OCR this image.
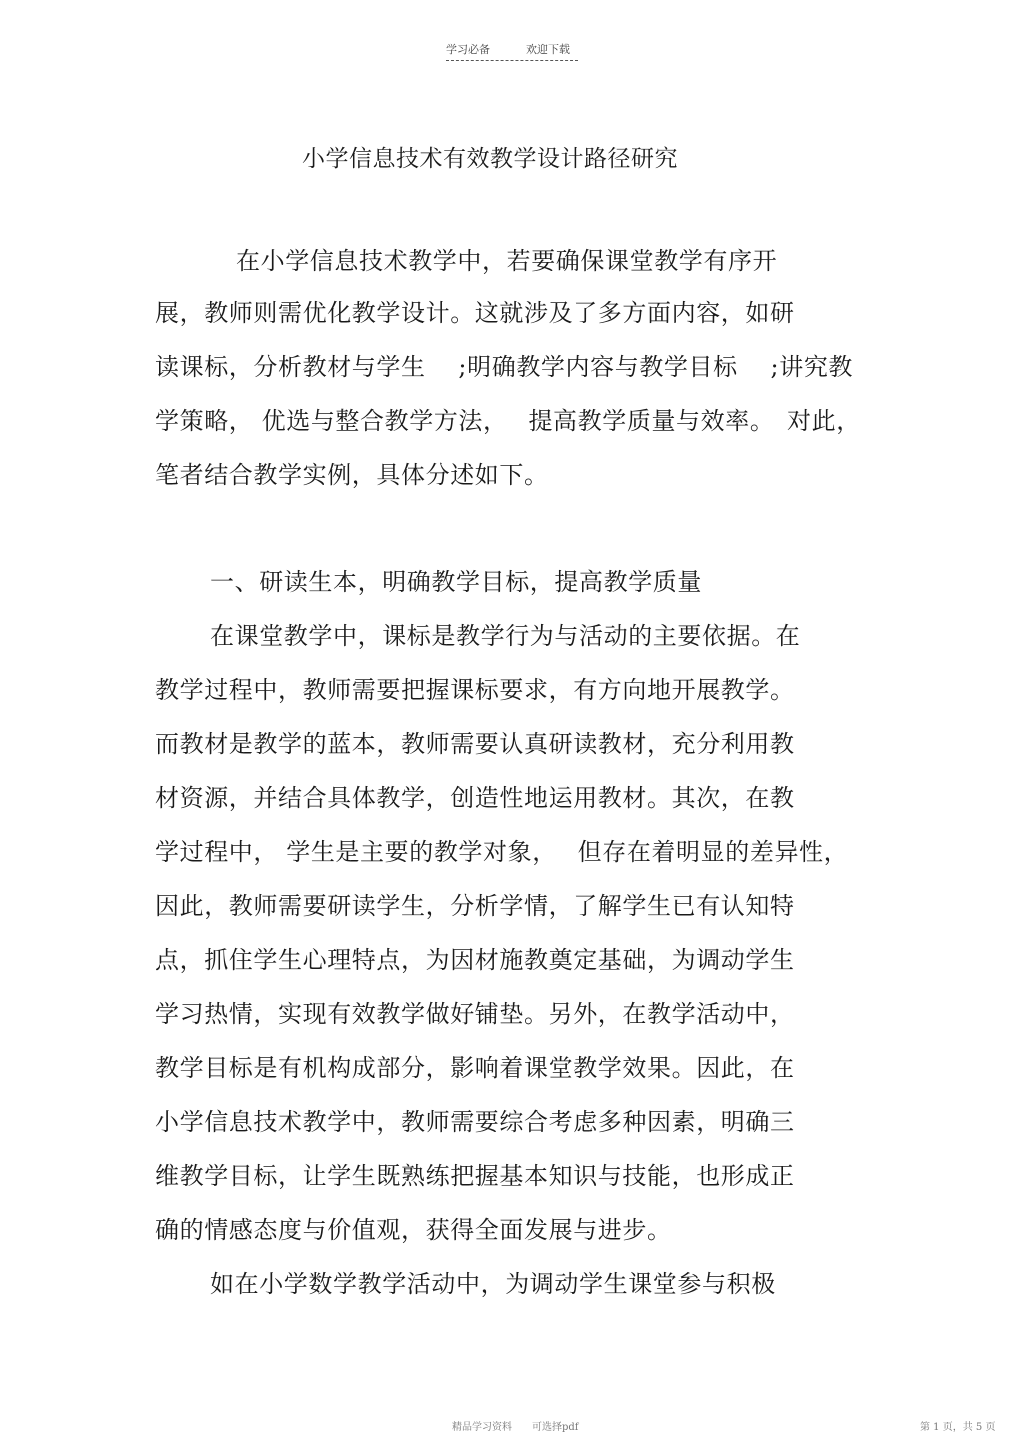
学习必备	欢迎下载
小学信息技术有效教学设计路径研究
在小学信息技术教学中，若要确保课堂教学有序开
展，教师则需优化教学设计。这就涉及了多方面内容，如研
读课标，分析教材与学生　 ;明确教学内容与教学目标　 ;讲究教
学策略， 优选与整合教学方法，　 提高教学质量与效率。　对此，
笔者结合教学实例，具体分述如下。
一、研读生本，明确教学目标，提高教学质量
在课堂教学中，课标是教学行为与活动的主要依据。在
教学过程中，教师需要把握课标要求，有方向地开展教学。
而教材是教学的蓝本，教师需要认真研读教材，充分利用教
材资源，并结合具体教学，创造性地运用教材。其次，在教
学过程中， 学生是主要的教学对象，　 但存在着明显的差异性，
因此，教师需要研读学生，分析学情，了解学生已有认知特
点，抓住学生心理特点，为因材施教奠定基础，为调动学生
学习热情，实现有效教学做好铺垫。另外，在教学活动中，
教学目标是有机构成部分，影响着课堂教学效果。因此，在
小学信息技术教学中，教师需要综合考虑多种因素，明确三
维教学目标，让学生既熟练把握基本知识与技能，也形成正
确的情感态度与价值观，获得全面发展与进步。
如在小学数学教学活动中，为调动学生课堂参与积极
精品学习资料　　可选择pdf	第 1 页，共 5 页
